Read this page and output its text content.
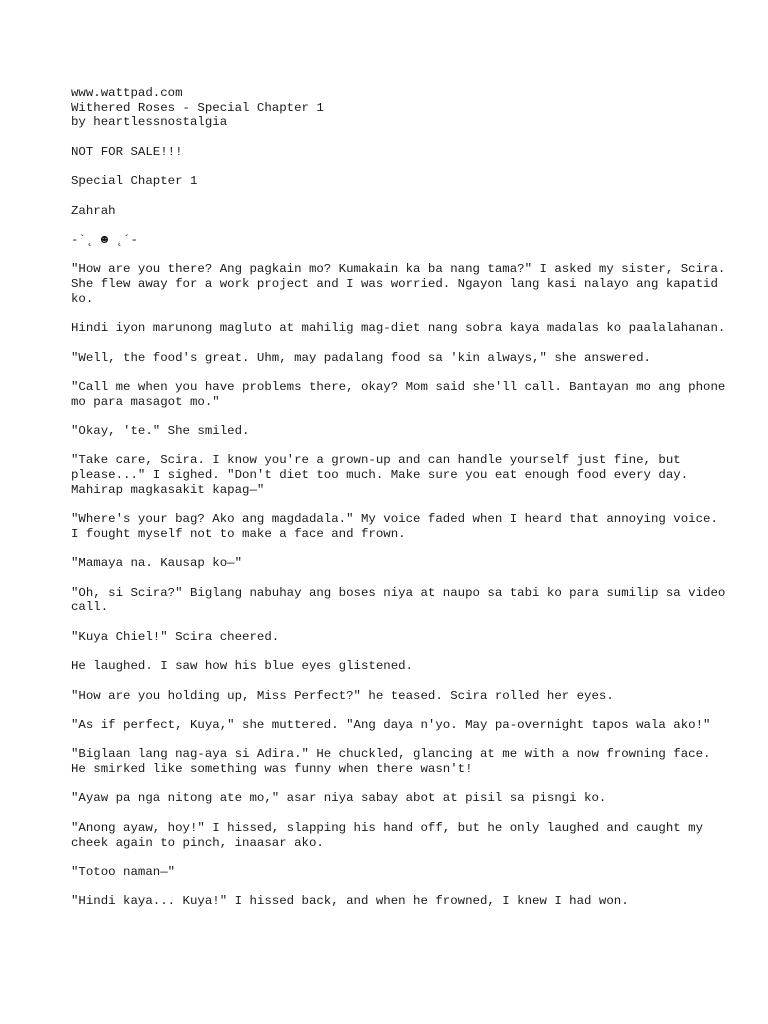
www.wattpad.com
Withered Roses - Special Chapter 1
by heartlessnostalgia

NOT FOR SALE!!!

Special Chapter 1

Zahrah

-`˛ ☻ ˛´-

"How are you there? Ang pagkain mo? Kumakain ka ba nang tama?" I asked my sister, Scira. She flew away for a work project and I was worried. Ngayon lang kasi nalayo ang kapatid ko.

Hindi iyon marunong magluto at mahilig mag-diet nang sobra kaya madalas ko paalalahanan.

"Well, the food's great. Uhm, may padalang food sa 'kin always," she answered.

"Call me when you have problems there, okay? Mom said she'll call. Bantayan mo ang phone mo para masagot mo."

"Okay, 'te." She smiled.

"Take care, Scira. I know you're a grown-up and can handle yourself just fine, but please..." I sighed. "Don't diet too much. Make sure you eat enough food every day. Mahirap magkasakit kapag—"

"Where's your bag? Ako ang magdadala." My voice faded when I heard that annoying voice. I fought myself not to make a face and frown.

"Mamaya na. Kausap ko—"

"Oh, si Scira?" Biglang nabuhay ang boses niya at naupo sa tabi ko para sumilip sa video call.

"Kuya Chiel!" Scira cheered.

He laughed. I saw how his blue eyes glistened.

"How are you holding up, Miss Perfect?" he teased. Scira rolled her eyes.

"As if perfect, Kuya," she muttered. "Ang daya n'yo. May pa-overnight tapos wala ako!"

"Biglaan lang nag-aya si Adira." He chuckled, glancing at me with a now frowning face. He smirked like something was funny when there wasn't!

"Ayaw pa nga nitong ate mo," asar niya sabay abot at pisil sa pisngi ko.

"Anong ayaw, hoy!" I hissed, slapping his hand off, but he only laughed and caught my cheek again to pinch, inaasar ako.

"Totoo naman—"

"Hindi kaya... Kuya!" I hissed back, and when he frowned, I knew I had won.
